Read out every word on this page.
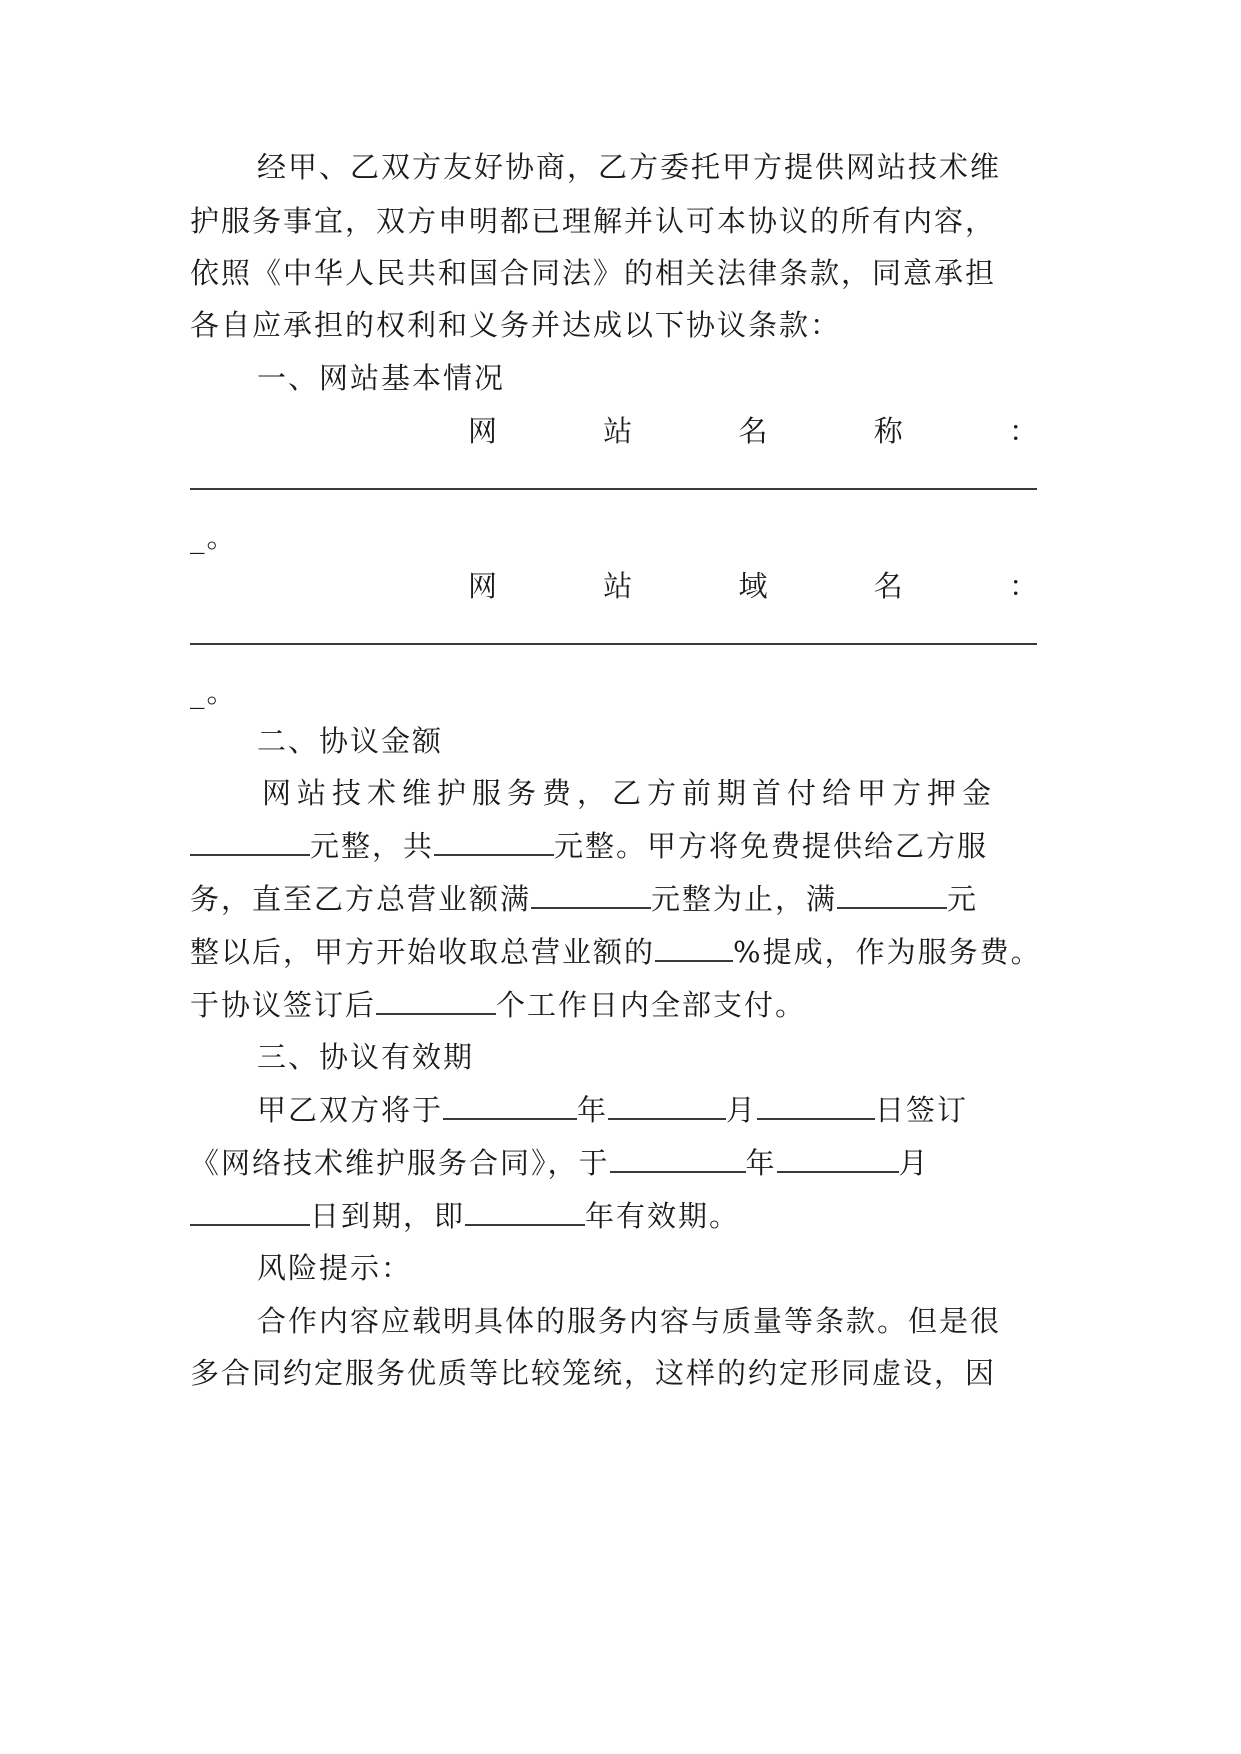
经甲、乙双方友好协商，乙方委托甲方提供网站技术维
护服务事宜，双方申明都已理解并认可本协议的所有内容，
依照《中华人民共和国合同法》的相关法律条款，同意承担
各自应承担的权利和义务并达成以下协议条款：
一、网站基本情况
网	站	名	称	：
_。
网	站	域	名	：
_。
二、协议金额
网站技术维护服务费，乙方前期首付给甲方押金
元整，共	元整。甲方将免费提供给乙方服
务，直至乙方总营业额满	元整为止，满	元
整以后，甲方开始收取总营业额的	%提成，作为服务费。
于协议签订后	个工作日内全部支付。
三、协议有效期
甲乙双方将于	年	月	日签订
《网络技术维护服务合同》，于	年	月
日到期，即	年有效期。
风险提示：
合作内容应载明具体的服务内容与质量等条款。但是很
多合同约定服务优质等比较笼统，这样的约定形同虚设，因
